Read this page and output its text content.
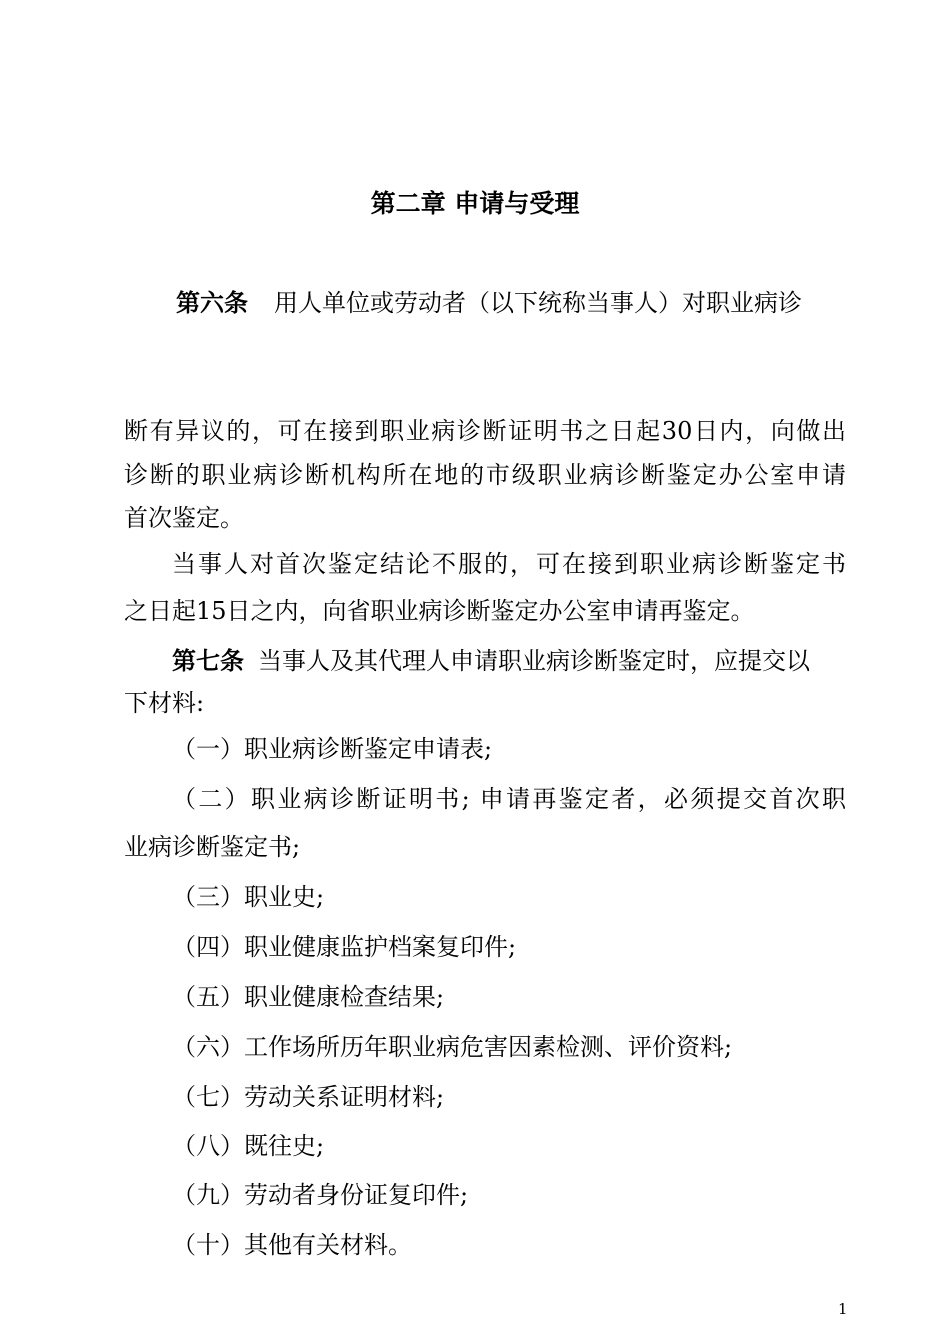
第二章 申请与受理
第六条 用人单位或劳动者（以下统称当事人）对职业病诊
断有异议的，可在接到职业病诊断证明书之日起30日内，向做出
诊断的职业病诊断机构所在地的市级职业病诊断鉴定办公室申请
首次鉴定。
当事人对首次鉴定结论不服的，可在接到职业病诊断鉴定书
之日起15日之内，向省职业病诊断鉴定办公室申请再鉴定。
第七条 当事人及其代理人申请职业病诊断鉴定时，应提交以
下材料:
（一）职业病诊断鉴定申请表;
（二）职业病诊断证明书; 申请再鉴定者，必须提交首次职
业病诊断鉴定书;
（三）职业史;
（四）职业健康监护档案复印件;
（五）职业健康检查结果;
（六）工作场所历年职业病危害因素检测、评价资料;
（七）劳动关系证明材料;
（八）既往史;
（九）劳动者身份证复印件;
（十）其他有关材料。
1
